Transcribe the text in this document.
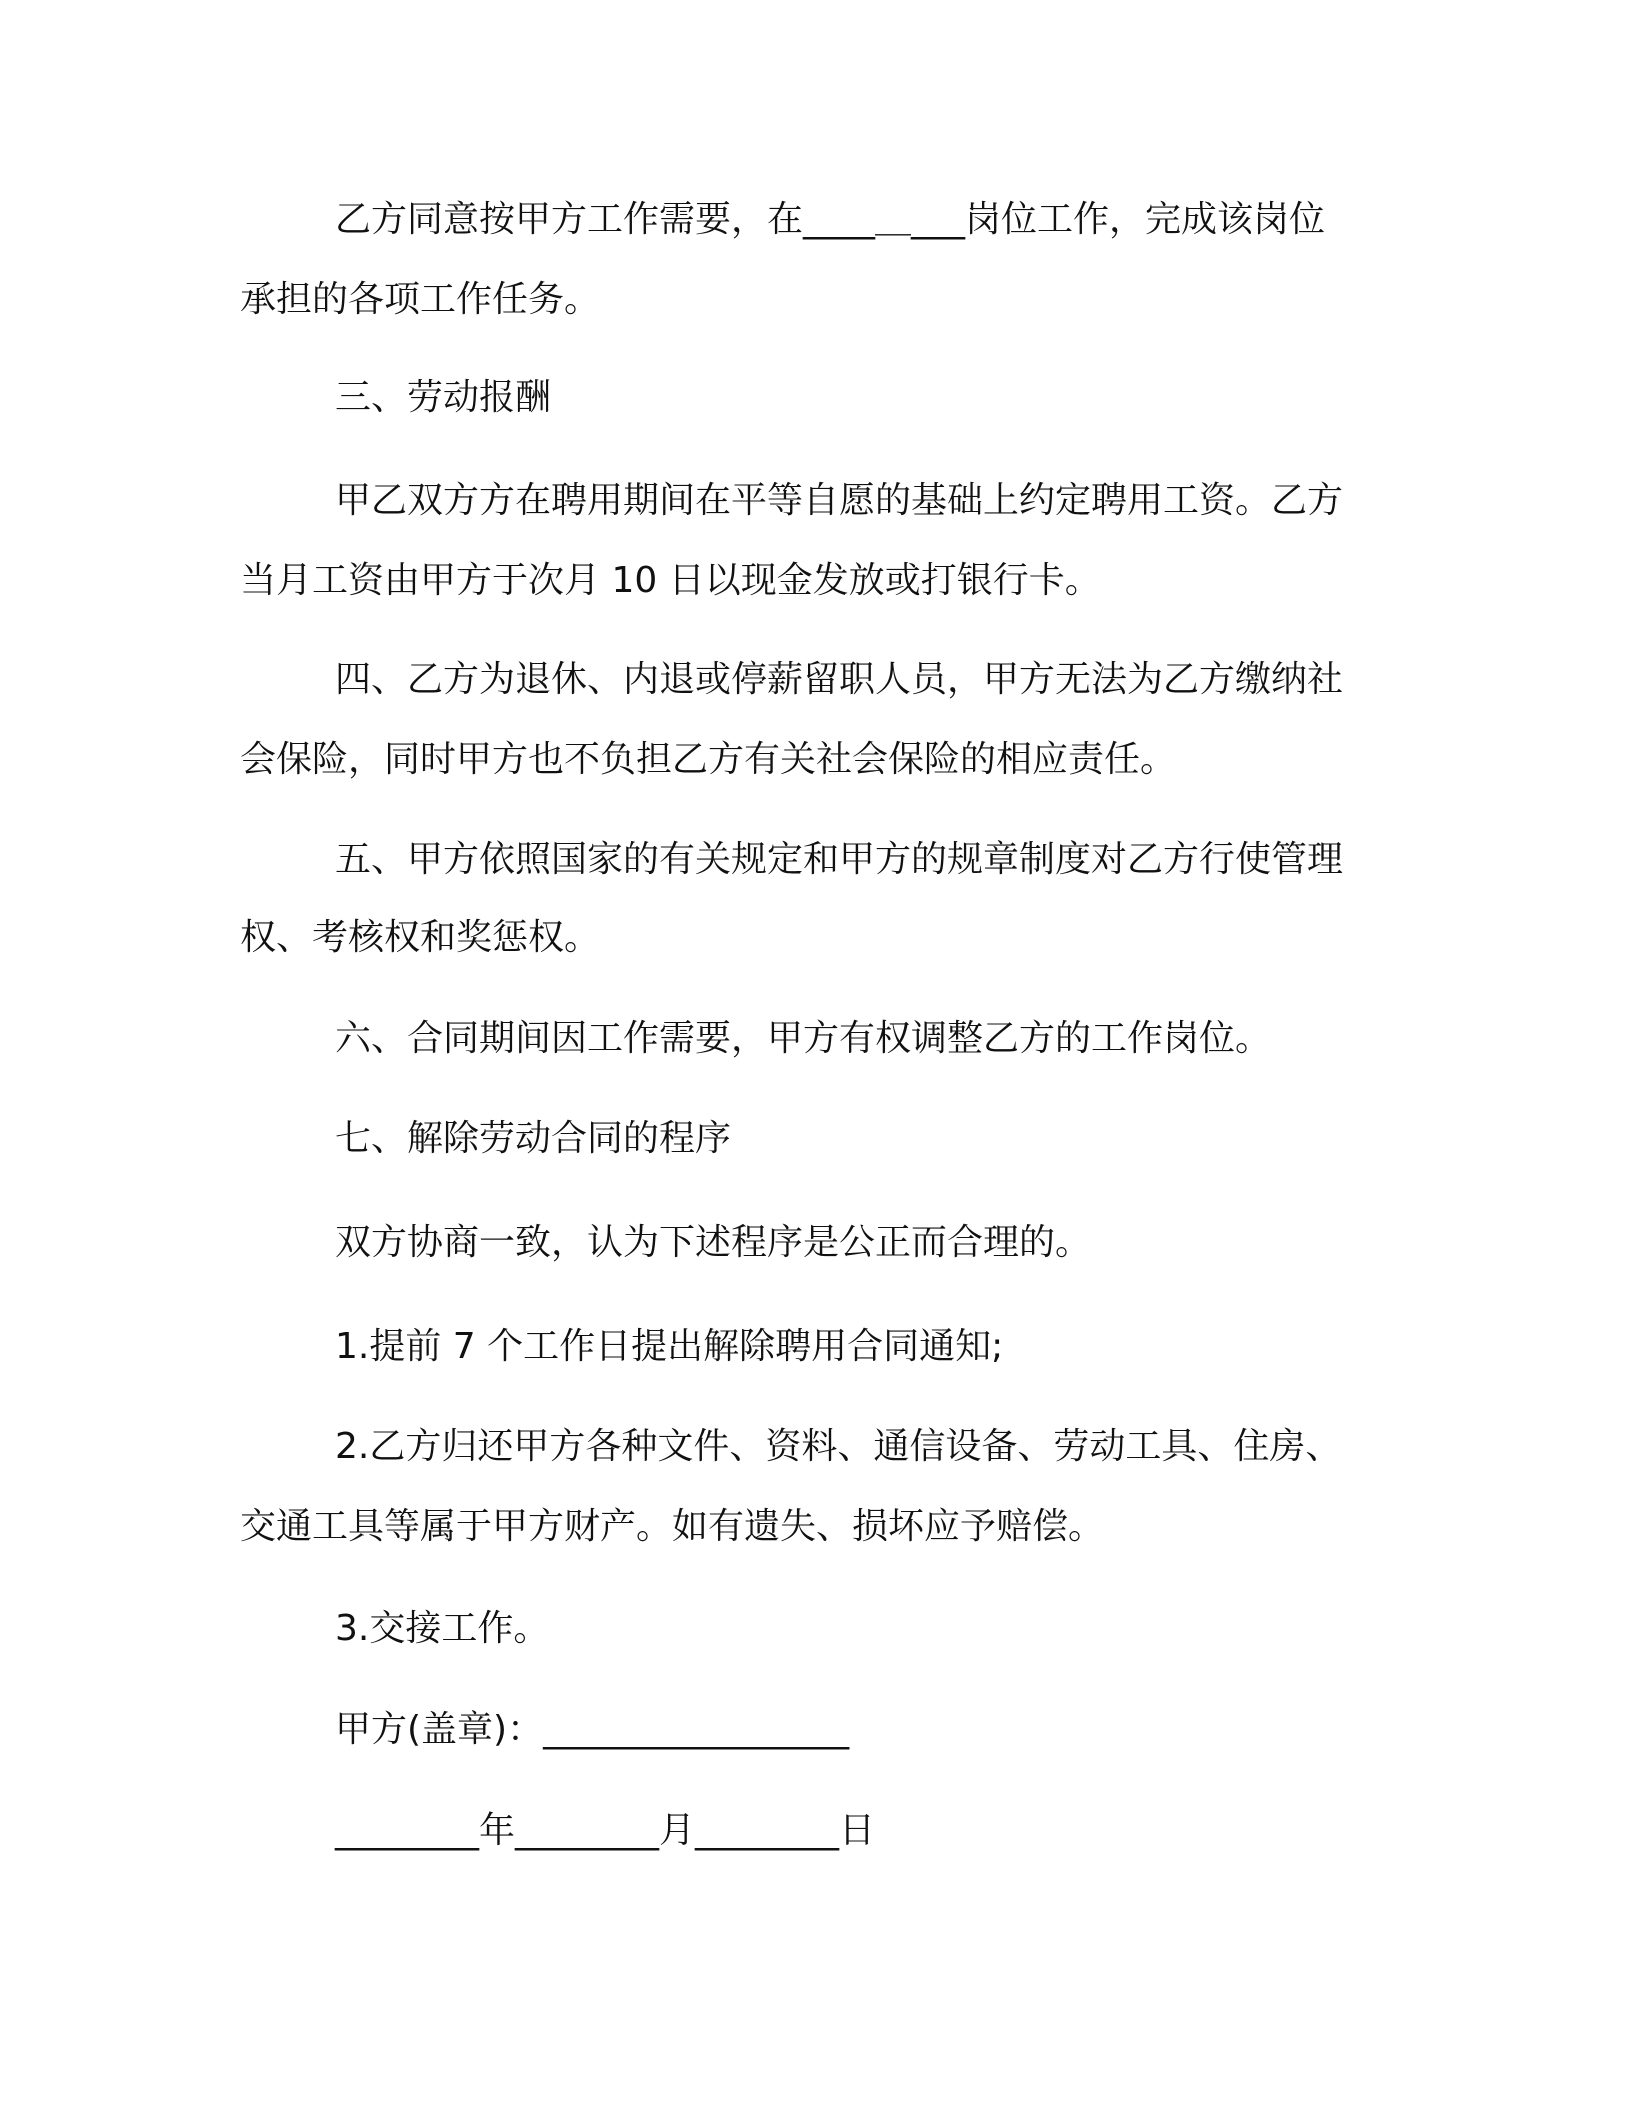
乙方同意按甲方工作需要，在____＿___岗位工作，完成该岗位

承担的各项工作任务。

三、劳动报酬

甲乙双方方在聘用期间在平等自愿的基础上约定聘用工资。乙方

当月工资由甲方于次月 10 日以现金发放或打银行卡。

四、乙方为退休、内退或停薪留职人员，甲方无法为乙方缴纳社

会保险，同时甲方也不负担乙方有关社会保险的相应责任。

五、甲方依照国家的有关规定和甲方的规章制度对乙方行使管理

权、考核权和奖惩权。

六、合同期间因工作需要，甲方有权调整乙方的工作岗位。

七、解除劳动合同的程序

双方协商一致，认为下述程序是公正而合理的。

1.提前 7 个工作日提出解除聘用合同通知;

2.乙方归还甲方各种文件、资料、通信设备、劳动工具、住房、

交通工具等属于甲方财产。如有遗失、损坏应予赔偿。

3.交接工作。

甲方(盖章)：_________________

________年________月________日
